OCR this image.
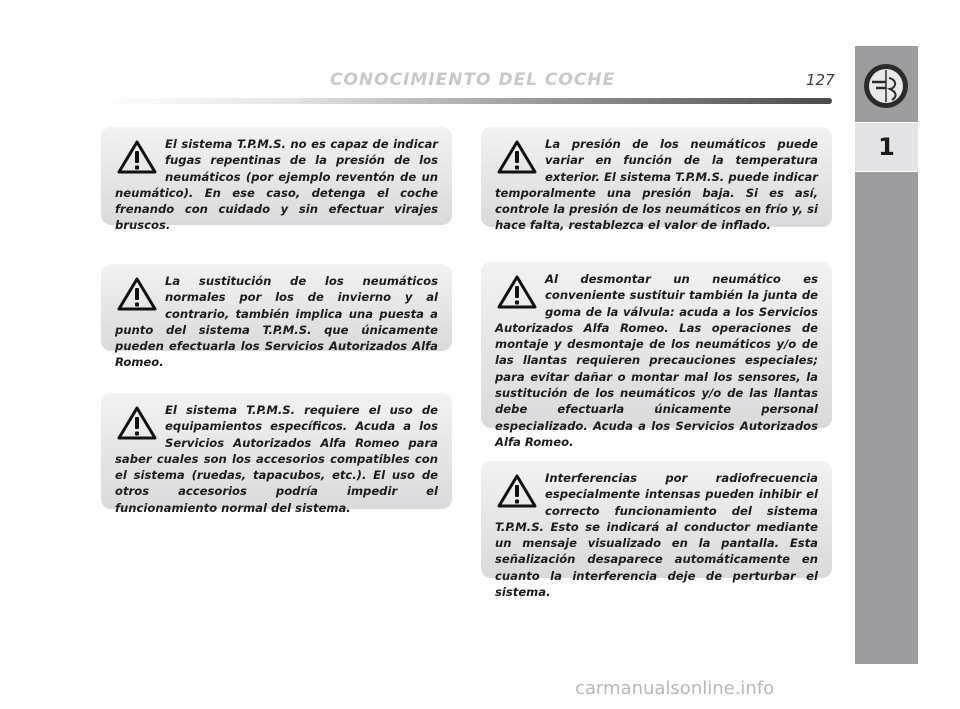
CONOCIMIENTO DEL COCHE	127
1

El sistema T.P.M.S. no es capaz de indicar fugas repentinas de la presión de los neumáticos (por ejemplo reventón de un neumático). En ese caso, detenga el coche frenando con cuidado y sin efectuar virajes bruscos.

La sustitución de los neumáticos normales por los de invierno y al contrario, también implica una puesta a punto del sistema T.P.M.S. que únicamente pueden efectuarla los Servicios Autorizados Alfa Romeo.

El sistema T.P.M.S. requiere el uso de equipamientos específicos. Acuda a los Servicios Autorizados Alfa Romeo para saber cuales son los accesorios compatibles con el sistema (ruedas, tapacubos, etc.). El uso de otros accesorios podría impedir el funcionamiento normal del sistema.

La presión de los neumáticos puede variar en función de la temperatura exterior. El sistema T.P.M.S. puede indicar temporalmente una presión baja. Si es así, controle la presión de los neumáticos en frío y, si hace falta, restablezca el valor de inflado.

Al desmontar un neumático es conveniente sustituir también la junta de goma de la válvula: acuda a los Servicios Autorizados Alfa Romeo. Las operaciones de montaje y desmontaje de los neumáticos y/o de las llantas requieren precauciones especiales; para evitar dañar o montar mal los sensores, la sustitución de los neumáticos y/o de las llantas debe efectuarla únicamente personal especializado. Acuda a los Servicios Autorizados Alfa Romeo.

Interferencias por radiofrecuencia especialmente intensas pueden inhibir el correcto funcionamiento del sistema T.P.M.S. Esto se indicará al conductor mediante un mensaje visualizado en la pantalla. Esta señalización desaparece automáticamente en cuanto la interferencia deje de perturbar el sistema.

carmanualsonline.info
